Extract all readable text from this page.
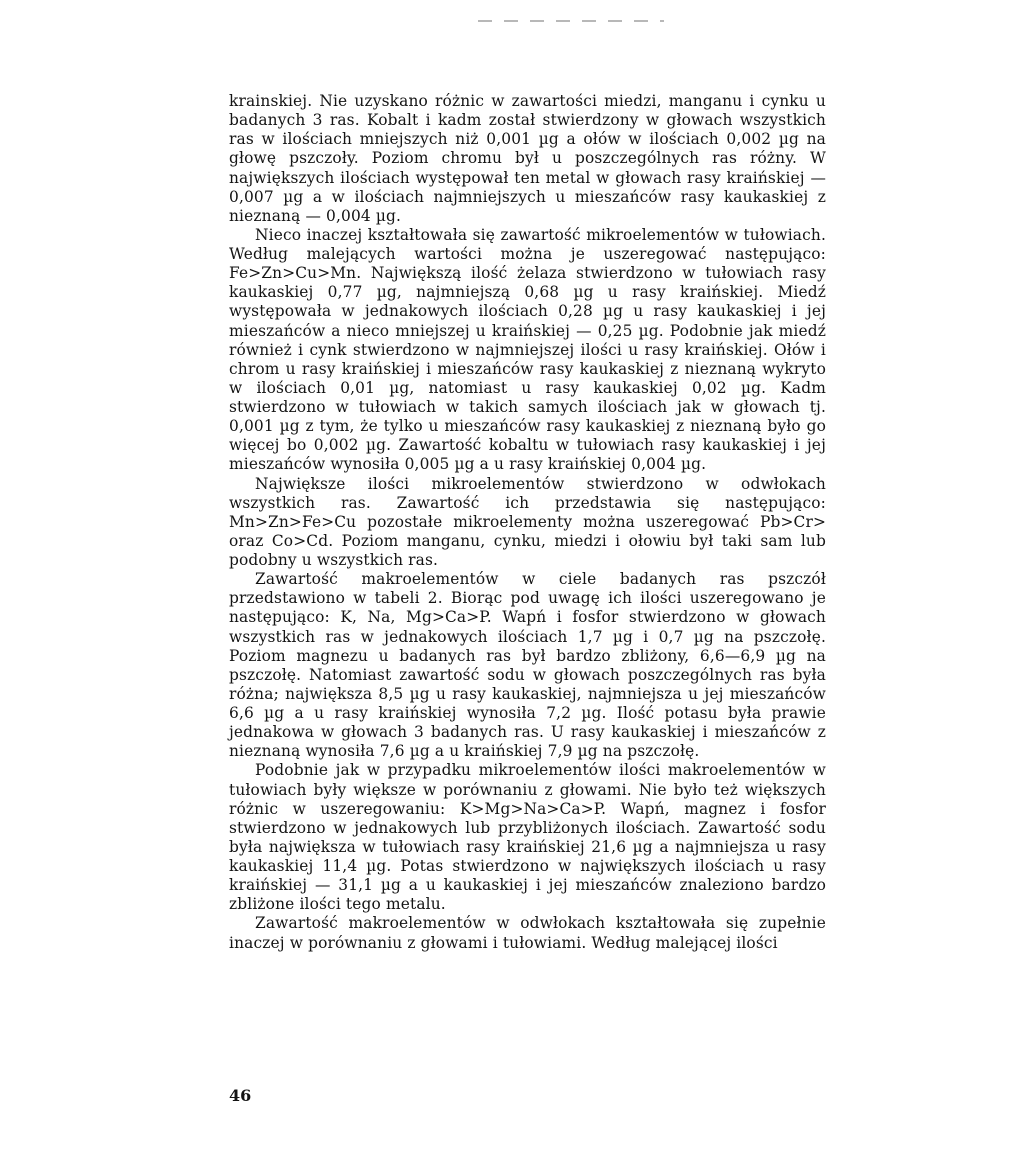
krainskiej. Nie uzyskano różnic w zawartości miedzi, manganu i cynku u badanych 3 ras. Kobalt i kadm został stwierdzony w głowach wszystkich ras w ilościach mniejszych niż 0,001 µg a ołów w ilościach 0,002 µg na głowę pszczoły. Poziom chromu był u poszczególnych ras różny. W największych ilościach występował ten metal w głowach rasy kraińskiej — 0,007 µg a w ilościach najmniejszych u mieszańców rasy kaukaskiej z nieznaną — 0,004 µg.

Nieco inaczej kształtowała się zawartość mikroelementów w tułowiach. Według malejących wartości można je uszeregować następująco: Fe>Zn>Cu>Mn. Największą ilość żelaza stwierdzono w tułowiach rasy kaukaskiej 0,77 µg, najmniejszą 0,68 µg u rasy kraińskiej. Miedź występowała w jednakowych ilościach 0,28 µg u rasy kaukaskiej i jej mieszańców a nieco mniejszej u kraińskiej — 0,25 µg. Podobnie jak miedź również i cynk stwierdzono w najmniejszej ilości u rasy kraińskiej. Ołów i chrom u rasy kraińskiej i mieszańców rasy kaukaskiej z nieznaną wykryto w ilościach 0,01 µg, natomiast u rasy kaukaskiej 0,02 µg. Kadm stwierdzono w tułowiach w takich samych ilościach jak w głowach tj. 0,001 µg z tym, że tylko u mieszańców rasy kaukaskiej z nieznaną było go więcej bo 0,002 µg. Zawartość kobaltu w tułowiach rasy kaukaskiej i jej mieszańców wynosiła 0,005 µg a u rasy kraińskiej 0,004 µg.

Największe ilości mikroelementów stwierdzono w odwłokach wszystkich ras. Zawartość ich przedstawia się następująco: Mn>Zn>Fe>Cu pozostałe mikroelementy można uszeregować Pb>Cr> oraz Co>Cd. Poziom manganu, cynku, miedzi i ołowiu był taki sam lub podobny u wszystkich ras.

Zawartość makroelementów w ciele badanych ras pszczół przedstawiono w tabeli 2. Biorąc pod uwagę ich ilości uszeregowano je następująco: K, Na, Mg>Ca>P. Wapń i fosfor stwierdzono w głowach wszystkich ras w jednakowych ilościach 1,7 µg i 0,7 µg na pszczołę. Poziom magnezu u badanych ras był bardzo zbliżony, 6,6—6,9 µg na pszczołę. Natomiast zawartość sodu w głowach poszczególnych ras była różna; największa 8,5 µg u rasy kaukaskiej, najmniejsza u jej mieszańców 6,6 µg a u rasy kraińskiej wynosiła 7,2 µg. Ilość potasu była prawie jednakowa w głowach 3 badanych ras. U rasy kaukaskiej i mieszańców z nieznaną wynosiła 7,6 µg a u kraińskiej 7,9 µg na pszczołę.

Podobnie jak w przypadku mikroelementów ilości makroelementów w tułowiach były większe w porównaniu z głowami. Nie było też większych różnic w uszeregowaniu: K>Mg>Na>Ca>P. Wapń, magnez i fosfor stwierdzono w jednakowych lub przybliżonych ilościach. Zawartość sodu była największa w tułowiach rasy kraińskiej 21,6 µg a najmniejsza u rasy kaukaskiej 11,4 µg. Potas stwierdzono w największych ilościach u rasy kraińskiej — 31,1 µg a u kaukaskiej i jej mieszańców znaleziono bardzo zbliżone ilości tego metalu.

Zawartość makroelementów w odwłokach kształtowała się zupełnie inaczej w porównaniu z głowami i tułowiami. Według malejącej ilości

46
